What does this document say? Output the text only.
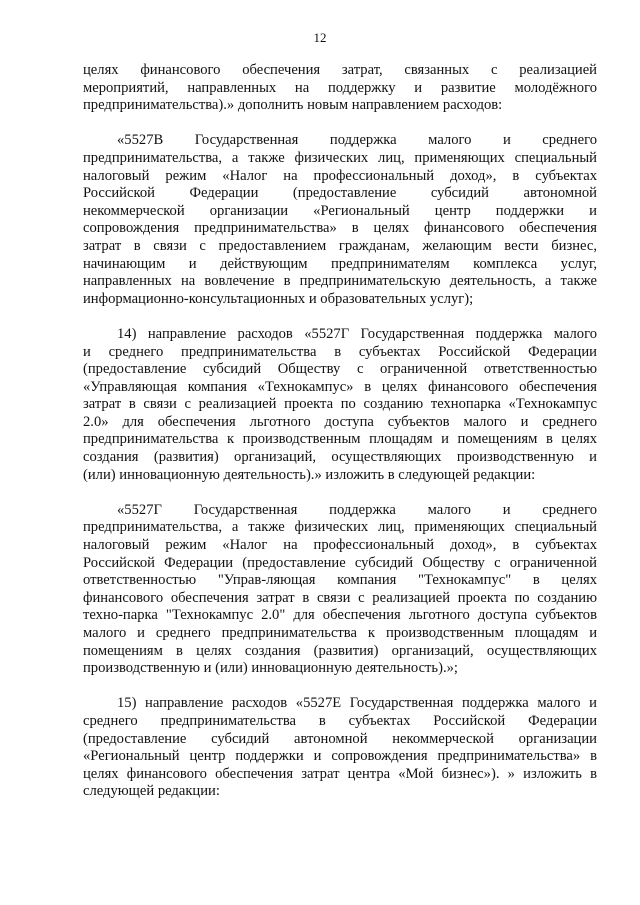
12
целях финансового обеспечения затрат, связанных с реализацией
мероприятий, направленных на поддержку и развитие молодёжного
предпринимательства).» дополнить новым направлением расходов:
«5527В Государственная поддержка малого и среднего
предпринимательства, а также физических лиц, применяющих специальный
налоговый режим «Налог на профессиональный доход», в субъектах
Российской Федерации (предоставление субсидий автономной
некоммерческой организации «Региональный центр поддержки и
сопровождения предпринимательства» в целях финансового обеспечения
затрат в связи с предоставлением гражданам, желающим вести бизнес,
начинающим и действующим предпринимателям комплекса услуг,
направленных на вовлечение в предпринимательскую деятельность, а также
информационно-консультационных и образовательных услуг);
14) направление расходов «5527Г Государственная поддержка малого
и среднего предпринимательства в субъектах Российской Федерации
(предоставление субсидий Обществу с ограниченной ответственностью
«Управляющая компания «Технокампус» в целях финансового обеспечения
затрат в связи с реализацией проекта по созданию технопарка «Технокампус
2.0» для обеспечения льготного доступа субъектов малого и среднего
предпринимательства к производственным площадям и помещениям в целях
создания (развития) организаций, осуществляющих производственную и
(или) инновационную деятельность).» изложить в следующей редакции:
«5527Г Государственная поддержка малого и среднего
предпринимательства, а также физических лиц, применяющих специальный
налоговый режим «Налог на профессиональный доход», в субъектах
Российской Федерации (предоставление субсидий Обществу с ограниченной
ответственностью "Управ-ляющая компания "Технокампус" в целях
финансового обеспечения затрат в связи с реализацией проекта по созданию
техно-парка "Технокампус 2.0" для обеспечения льготного доступа субъектов
малого и среднего предпринимательства к производственным площадям и
помещениям в целях создания (развития) организаций, осуществляющих
производственную и (или) инновационную деятельность).»;
15) направление расходов «5527Е Государственная поддержка малого и
среднего предпринимательства в субъектах Российской Федерации
(предоставление субсидий автономной некоммерческой организации
«Региональный центр поддержки и сопровождения предпринимательства» в
целях финансового обеспечения затрат центра «Мой бизнес»). » изложить в
следующей редакции:
